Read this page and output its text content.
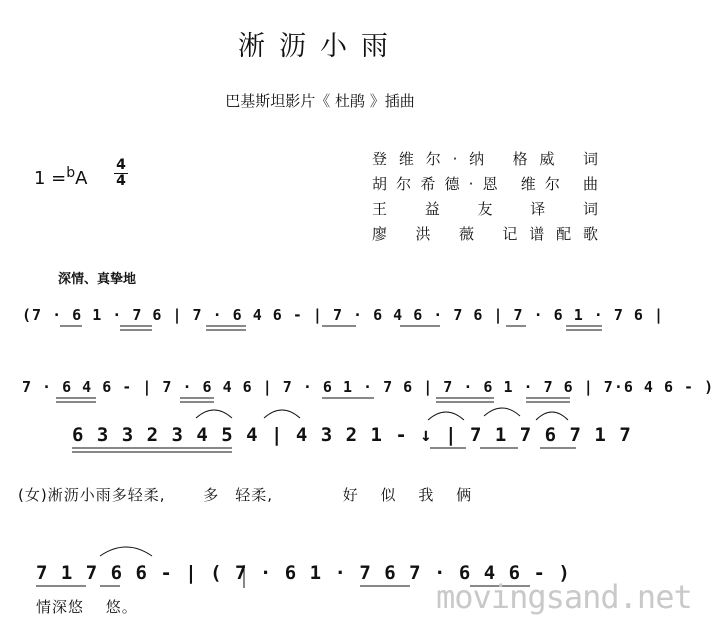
淅沥小雨
巴基斯坦影片《 杜鹃 》插曲
1 =$^b$A
4
4
登维尔·纳 格威 词
胡尔希德·恩 维尔 曲
王 益 友 译 词
廖 洪 薇 记谱配歌
深情、真挚地
(7 · 6 1 · 7 6 | 7 · 6 4 6 - | 7 · 6 4 6 · 7 6 | 7 · 6 1 · 7 6 |
7 · 6 4 6 - | 7 · 6 4 6 | 7 · 6 1 · 7 6 | 7 · 6 1 · 7 6 | 7·6 4 6 - )
6 3 3 2 3 4 5 4 | 4 3 2 1 - ↓ | 7 1 7 6 7 1 7
(女)淅沥小雨多轻柔,　　 多　轻柔,　　　　 好　 似　 我　 俩
7 1 7 6 6 - | ( 7 · 6 1 · 7 6 7 · 6 4 6 - )
情深悠　 悠。	movingsand.net
